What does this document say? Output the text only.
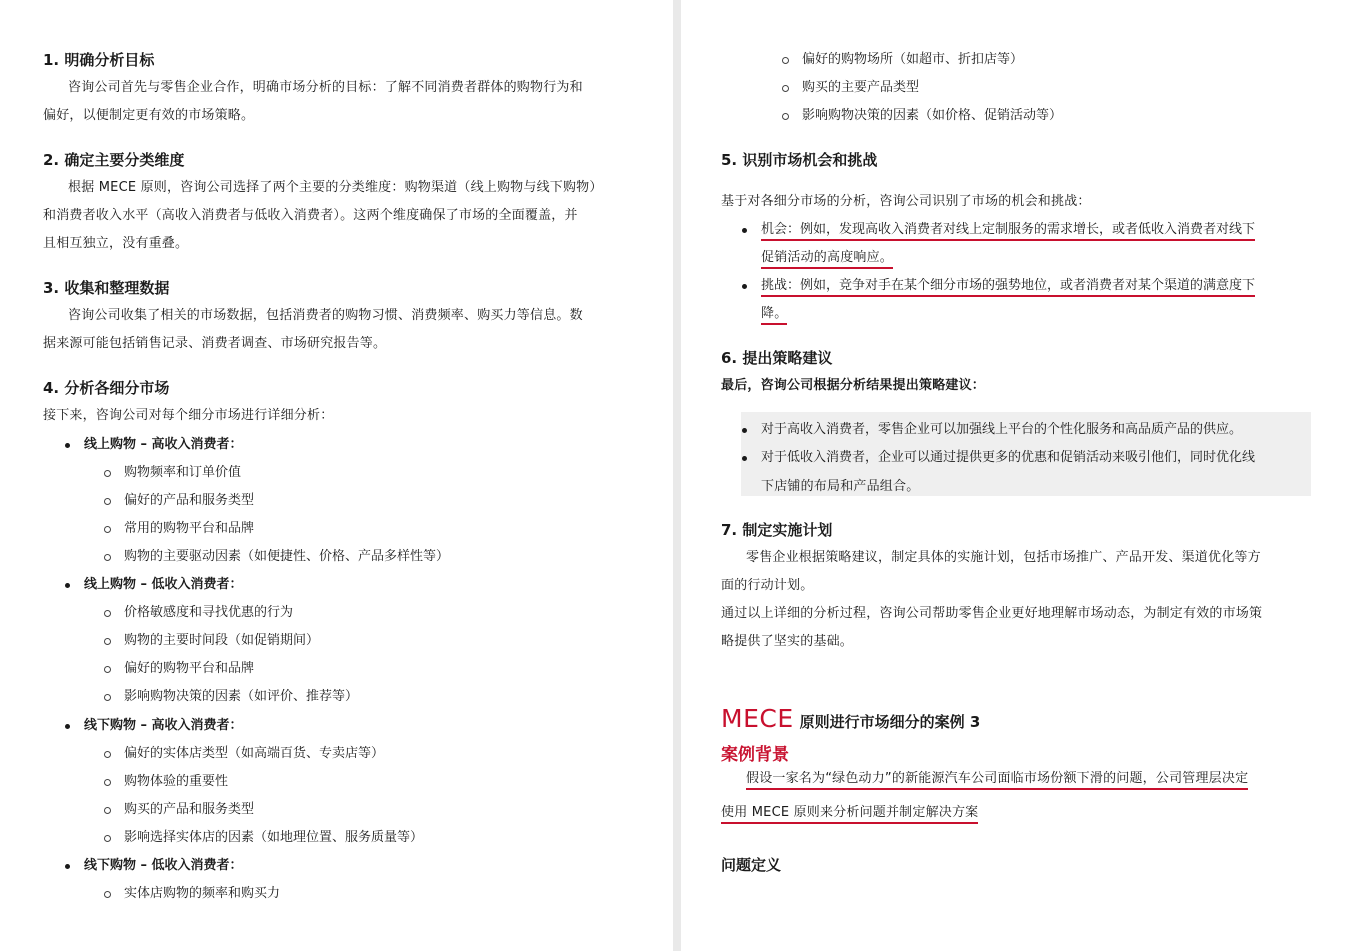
1. 明确分析目标
咨询公司首先与零售企业合作，明确市场分析的目标：了解不同消费者群体的购物行为和
偏好，以便制定更有效的市场策略。
2. 确定主要分类维度
根据 MECE 原则，咨询公司选择了两个主要的分类维度：购物渠道（线上购物与线下购物）
和消费者收入水平（高收入消费者与低收入消费者）。这两个维度确保了市场的全面覆盖，并
且相互独立，没有重叠。
3. 收集和整理数据
咨询公司收集了相关的市场数据，包括消费者的购物习惯、消费频率、购买力等信息。数
据来源可能包括销售记录、消费者调查、市场研究报告等。
4. 分析各细分市场
接下来，咨询公司对每个细分市场进行详细分析：
线上购物 – 高收入消费者：
购物频率和订单价值
偏好的产品和服务类型
常用的购物平台和品牌
购物的主要驱动因素（如便捷性、价格、产品多样性等）
线上购物 – 低收入消费者：
价格敏感度和寻找优惠的行为
购物的主要时间段（如促销期间）
偏好的购物平台和品牌
影响购物决策的因素（如评价、推荐等）
线下购物 – 高收入消费者：
偏好的实体店类型（如高端百货、专卖店等）
购物体验的重要性
购买的产品和服务类型
影响选择实体店的因素（如地理位置、服务质量等）
线下购物 – 低收入消费者：
实体店购物的频率和购买力
偏好的购物场所（如超市、折扣店等）
购买的主要产品类型
影响购物决策的因素（如价格、促销活动等）
5. 识别市场机会和挑战
基于对各细分市场的分析，咨询公司识别了市场的机会和挑战：
机会：例如，发现高收入消费者对线上定制服务的需求增长，或者低收入消费者对线下
促销活动的高度响应。
挑战：例如，竞争对手在某个细分市场的强势地位，或者消费者对某个渠道的满意度下
降。
6. 提出策略建议
最后，咨询公司根据分析结果提出策略建议：
对于高收入消费者，零售企业可以加强线上平台的个性化服务和高品质产品的供应。
对于低收入消费者，企业可以通过提供更多的优惠和促销活动来吸引他们，同时优化线
下店铺的布局和产品组合。
7. 制定实施计划
零售企业根据策略建议，制定具体的实施计划，包括市场推广、产品开发、渠道优化等方
面的行动计划。
通过以上详细的分析过程，咨询公司帮助零售企业更好地理解市场动态，为制定有效的市场策
略提供了坚实的基础。
MECE 原则进行市场细分的案例 3
案例背景
假设一家名为“绿色动力”的新能源汽车公司面临市场份额下滑的问题，公司管理层决定
使用 MECE 原则来分析问题并制定解决方案
问题定义
